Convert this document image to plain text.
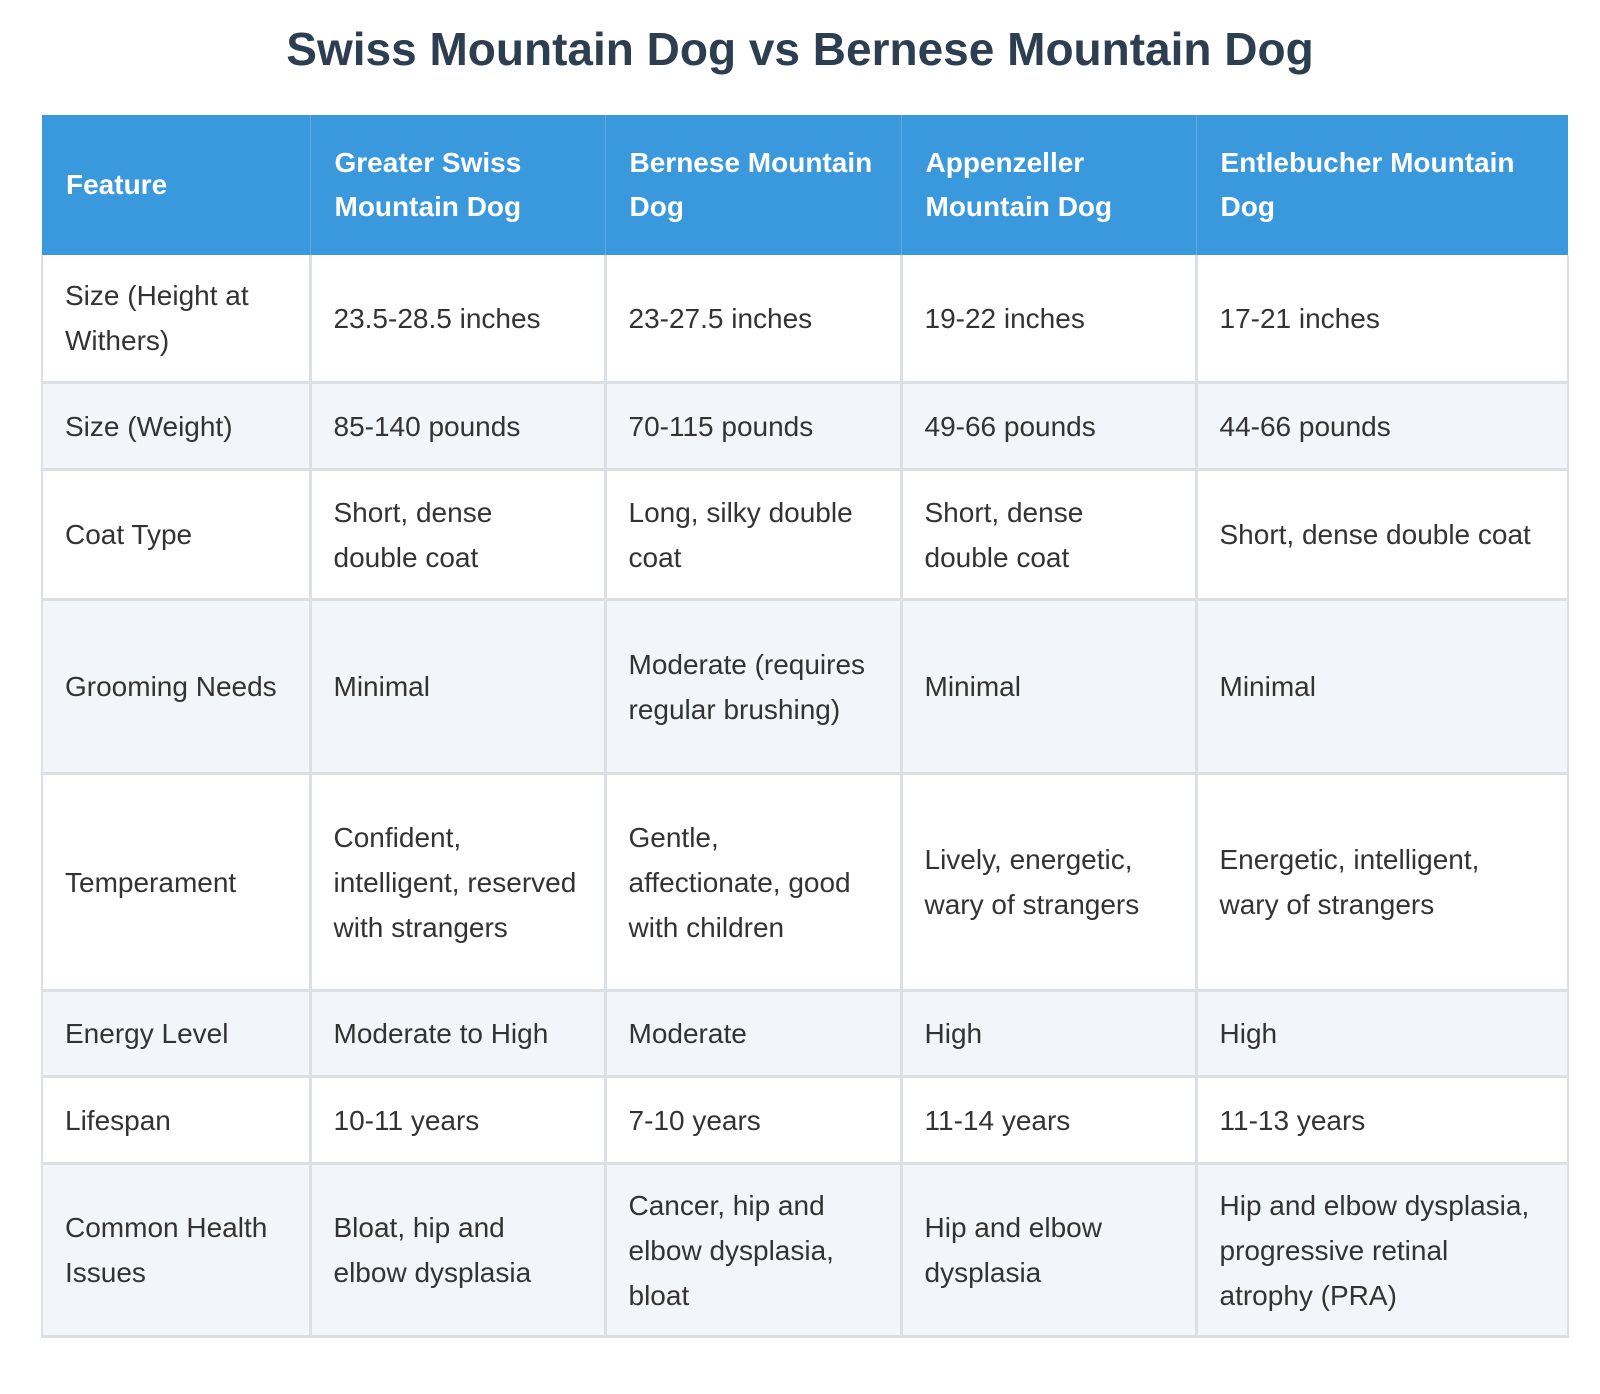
Swiss Mountain Dog vs Bernese Mountain Dog
Feature	Greater Swiss Mountain Dog	Bernese Mountain Dog	Appenzeller Mountain Dog	Entlebucher Mountain Dog
Size (Height at Withers)	23.5-28.5 inches	23-27.5 inches	19-22 inches	17-21 inches
Size (Weight)	85-140 pounds	70-115 pounds	49-66 pounds	44-66 pounds
Coat Type	Short, dense double coat	Long, silky double coat	Short, dense double coat	Short, dense double coat
Grooming Needs	Minimal	Moderate (requires regular brushing)	Minimal	Minimal
Temperament	Confident, intelligent, reserved with strangers	Gentle, affectionate, good with children	Lively, energetic, wary of strangers	Energetic, intelligent, wary of strangers
Energy Level	Moderate to High	Moderate	High	High
Lifespan	10-11 years	7-10 years	11-14 years	11-13 years
Common Health Issues	Bloat, hip and elbow dysplasia	Cancer, hip and elbow dysplasia, bloat	Hip and elbow dysplasia	Hip and elbow dysplasia, progressive retinal atrophy (PRA)
